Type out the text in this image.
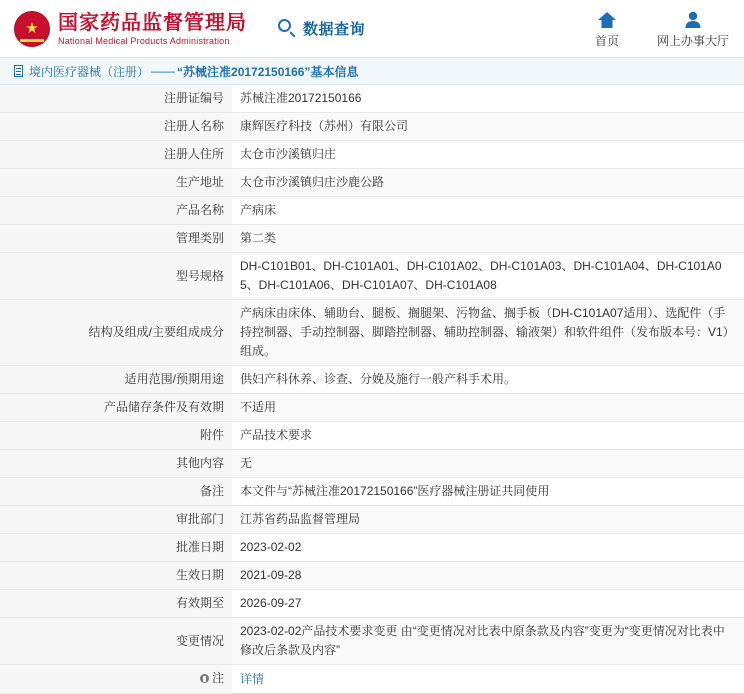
★ 国家药品监督管理局
National Medical Products Administration
数据查询
首页	网上办事大厅
境内医疗器械（注册） —— “苏械注准20172150166” 基本信息
注册证编号	苏械注准20172150166
注册人名称	康辉医疗科技（苏州）有限公司
注册人住所	太仓市沙溪镇归庄
生产地址	太仓市沙溪镇归庄沙鹿公路
产品名称	产病床
管理类别	第二类
型号规格	DH-C101B01、DH-C101A01、DH-C101A02、DH-C101A03、DH-C101A04、DH-C101A05、DH-C101A06、DH-C101A07、DH-C101A08
结构及组成/主要组成成分	产病床由床体、辅助台、腿板、搁腿架、污物盆、搁手板（DH-C101A07适用）、选配件（手持控制器、手动控制器、脚踏控制器、辅助控制器、输液架）和软件组件（发布版本号：V1）组成。
适用范围/预期用途	供妇产科休养、诊查、分娩及施行一般产科手术用。
产品储存条件及有效期	不适用
附件	产品技术要求
其他内容	无
备注	本文件与“苏械注准20172150166”医疗器械注册证共同使用
审批部门	江苏省药品监督管理局
批准日期	2023-02-02
生效日期	2021-09-28
有效期至	2026-09-27
变更情况	2023-02-02产品技术要求变更 由“变更情况对比表中原条款及内容”变更为“变更情况对比表中修改后条款及内容”

注	详情
